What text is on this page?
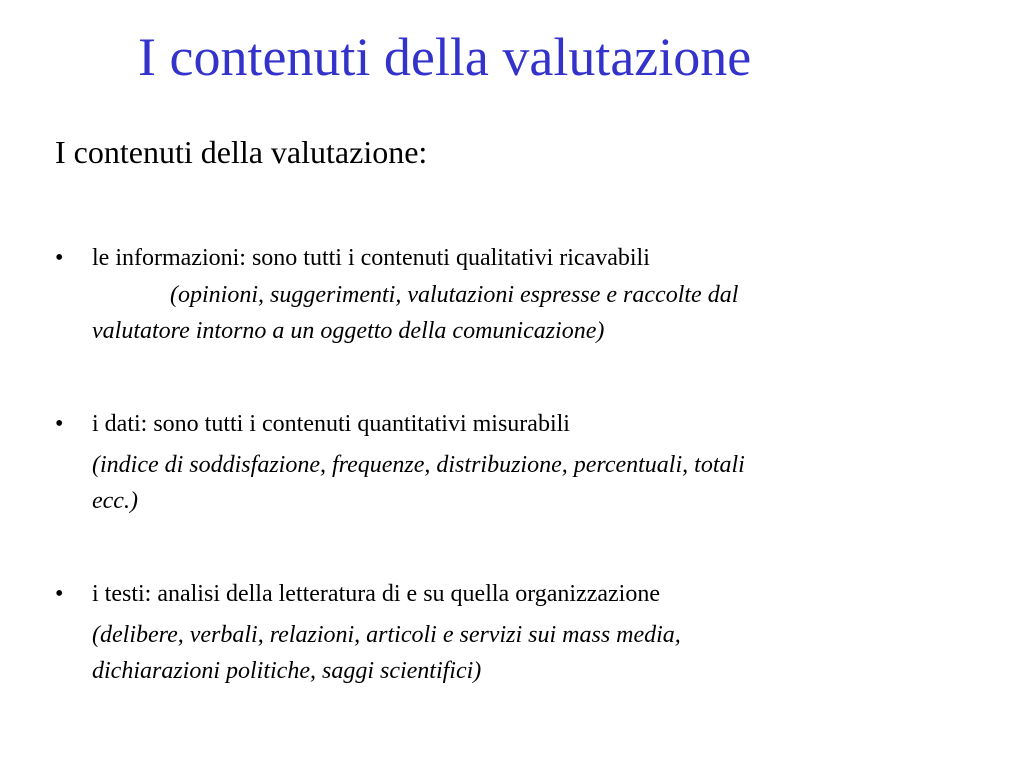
I contenuti della valutazione
I contenuti della valutazione:
•	le informazioni: sono tutti i contenuti qualitativi ricavabili
(opinioni, suggerimenti, valutazioni espresse e raccolte dal
valutatore intorno a un oggetto della comunicazione)
•	i dati: sono tutti i contenuti quantitativi misurabili
(indice di soddisfazione, frequenze, distribuzione, percentuali, totali
ecc.)
•	i testi: analisi della letteratura di e su quella organizzazione
(delibere, verbali, relazioni, articoli e servizi sui mass media,
dichiarazioni politiche, saggi scientifici)
